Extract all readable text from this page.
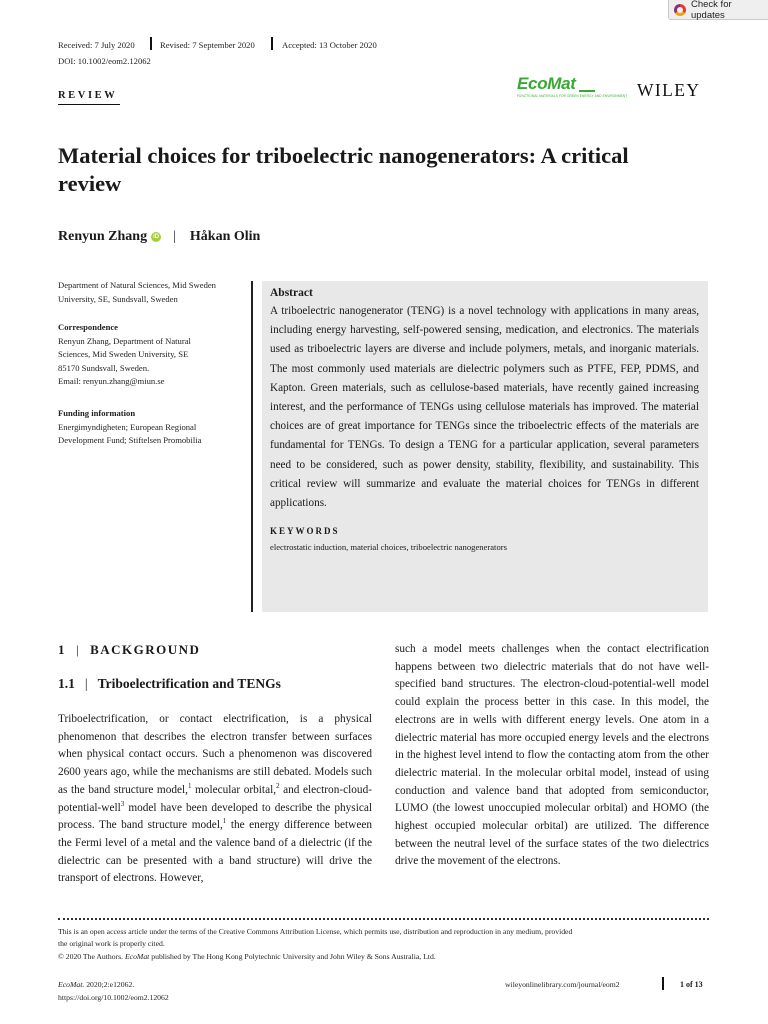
Check for updates
Received: 7 July 2020	Revised: 7 September 2020	Accepted: 13 October 2020
DOI: 10.1002/eom2.12062
REVIEW
EcoMat
FUNCTIONAL MATERIALS FOR GREEN ENERGY AND ENVIRONMENT WILEY
Material choices for triboelectric nanogenerators: A critical review
Renyun Zhang	iD | Håkan Olin
Department of Natural Sciences, Mid Sweden University, SE, Sundsvall, Sweden
Correspondence
Renyun Zhang, Department of Natural
Sciences, Mid Sweden University, SE
85170 Sundsvall, Sweden.
Email: renyun.zhang@miun.se
Funding information
Energimyndigheten; European Regional Development Fund; Stiftelsen Promobilia
Abstract
A triboelectric nanogenerator (TENG) is a novel technology with applications in many areas, including energy harvesting, self-powered sensing, medication, and electronics. The materials used as triboelectric layers are diverse and include polymers, metals, and inorganic materials. The most commonly used materials are dielectric polymers such as PTFE, FEP, PDMS, and Kapton. Green materials, such as cellulose-based materials, have recently gained increasing interest, and the performance of TENGs using cellulose materials has improved. The material choices are of great importance for TENGs since the triboelectric effects of the materials are fundamental for TENGs. To design a TENG for a particular application, several parameters need to be considered, such as power density, stability, flexibility, and sustainability. This critical review will summarize and evaluate the material choices for TENGs in different applications.
KEYWORDS
electrostatic induction, material choices, triboelectric nanogenerators
1 | BACKGROUND
1.1 | Triboelectrification and TENGs

Triboelectrification, or contact electrification, is a physical phenomenon that describes the electron transfer between surfaces when physical contact occurs. Such a phenomenon was discovered 2600 years ago, while the mechanisms are still debated. Models such as the band structure model,$^1$ molecular orbital,$^2$ and electron-cloud-potential-well$^3$ model have been developed to describe the physical process. The band structure model,$^1$ the energy difference between the Fermi level of a metal and the valence band of a dielectric (if the dielectric can be presented with a band structure) will drive the transport of electrons. However,

such a model meets challenges when the contact electrification happens between two dielectric materials that do not have well-specified band structures. The electron-cloud-potential-well model could explain the process better in this case. In this model, the electrons are in wells with different energy levels. One atom in a dielectric material has more occupied energy levels and the electrons in the highest level intend to flow the contacting atom from the other dielectric material. In the molecular orbital model, instead of using conduction and valence band that adopted from semiconductor, LUMO (the lowest unoccupied molecular orbital) and HOMO (the highest occupied molecular orbital) are utilized. The difference between the neutral level of the surface states of the two dielectrics drive the movement of the electrons.

This is an open access article under the terms of the Creative Commons Attribution License, which permits use, distribution and reproduction in any medium, provided
the original work is properly cited.
© 2020 The Authors. EcoMat published by The Hong Kong Polytechnic University and John Wiley & Sons Australia, Ltd.
EcoMat. 2020;2:e12062.
https://doi.org/10.1002/eom2.12062
wileyonlinelibrary.com/journal/eom2	1 of 13
